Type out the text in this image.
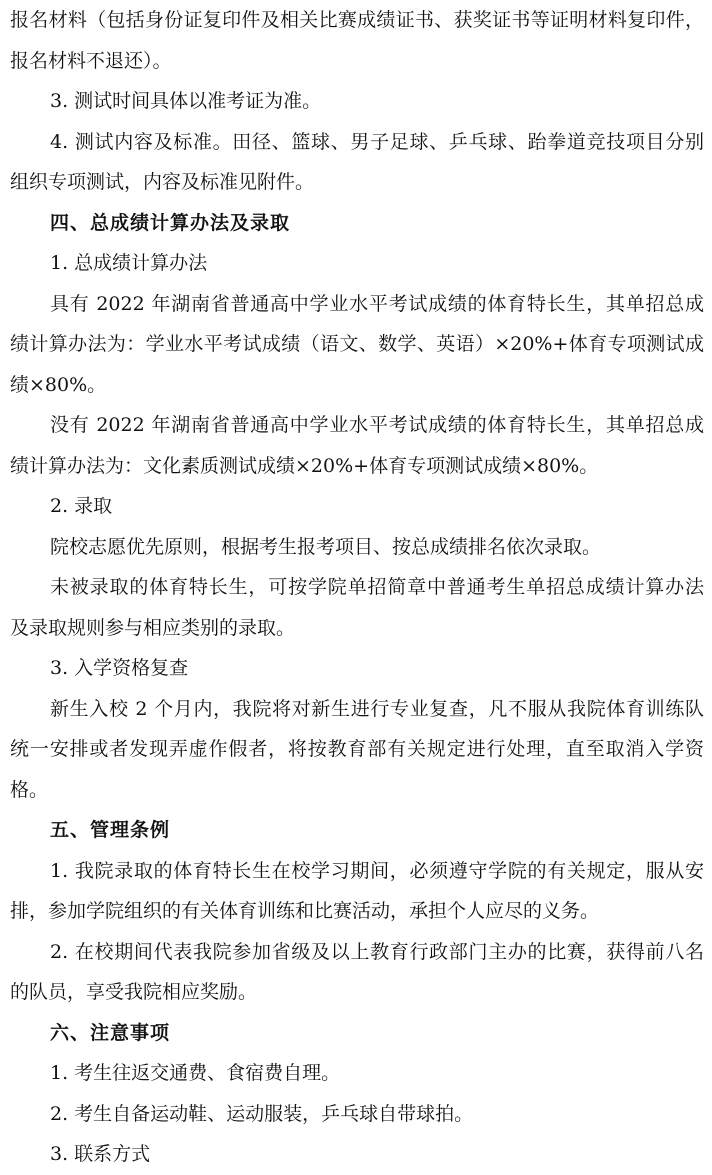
报名材料（包括身份证复印件及相关比赛成绩证书、获奖证书等证明材料复印件，
报名材料不退还）。
3. 测试时间具体以准考证为准。
4. 测试内容及标准。田径、篮球、男子足球、乒乓球、跆拳道竞技项目分别
组织专项测试，内容及标准见附件。
四、总成绩计算办法及录取
1. 总成绩计算办法
具有 2022 年湖南省普通高中学业水平考试成绩的体育特长生，其单招总成
绩计算办法为：学业水平考试成绩（语文、数学、英语）×20%+体育专项测试成
绩×80%。
没有 2022 年湖南省普通高中学业水平考试成绩的体育特长生，其单招总成
绩计算办法为：文化素质测试成绩×20%+体育专项测试成绩×80%。
2. 录取
院校志愿优先原则，根据考生报考项目、按总成绩排名依次录取。
未被录取的体育特长生，可按学院单招简章中普通考生单招总成绩计算办法
及录取规则参与相应类别的录取。
3. 入学资格复查
新生入校 2 个月内，我院将对新生进行专业复查，凡不服从我院体育训练队
统一安排或者发现弄虚作假者，将按教育部有关规定进行处理，直至取消入学资
格。
五、管理条例
1. 我院录取的体育特长生在校学习期间，必须遵守学院的有关规定，服从安
排，参加学院组织的有关体育训练和比赛活动，承担个人应尽的义务。
2. 在校期间代表我院参加省级及以上教育行政部门主办的比赛，获得前八名
的队员，享受我院相应奖励。
六、注意事项
1. 考生往返交通费、食宿费自理。
2. 考生自备运动鞋、运动服装，乒乓球自带球拍。
3. 联系方式
